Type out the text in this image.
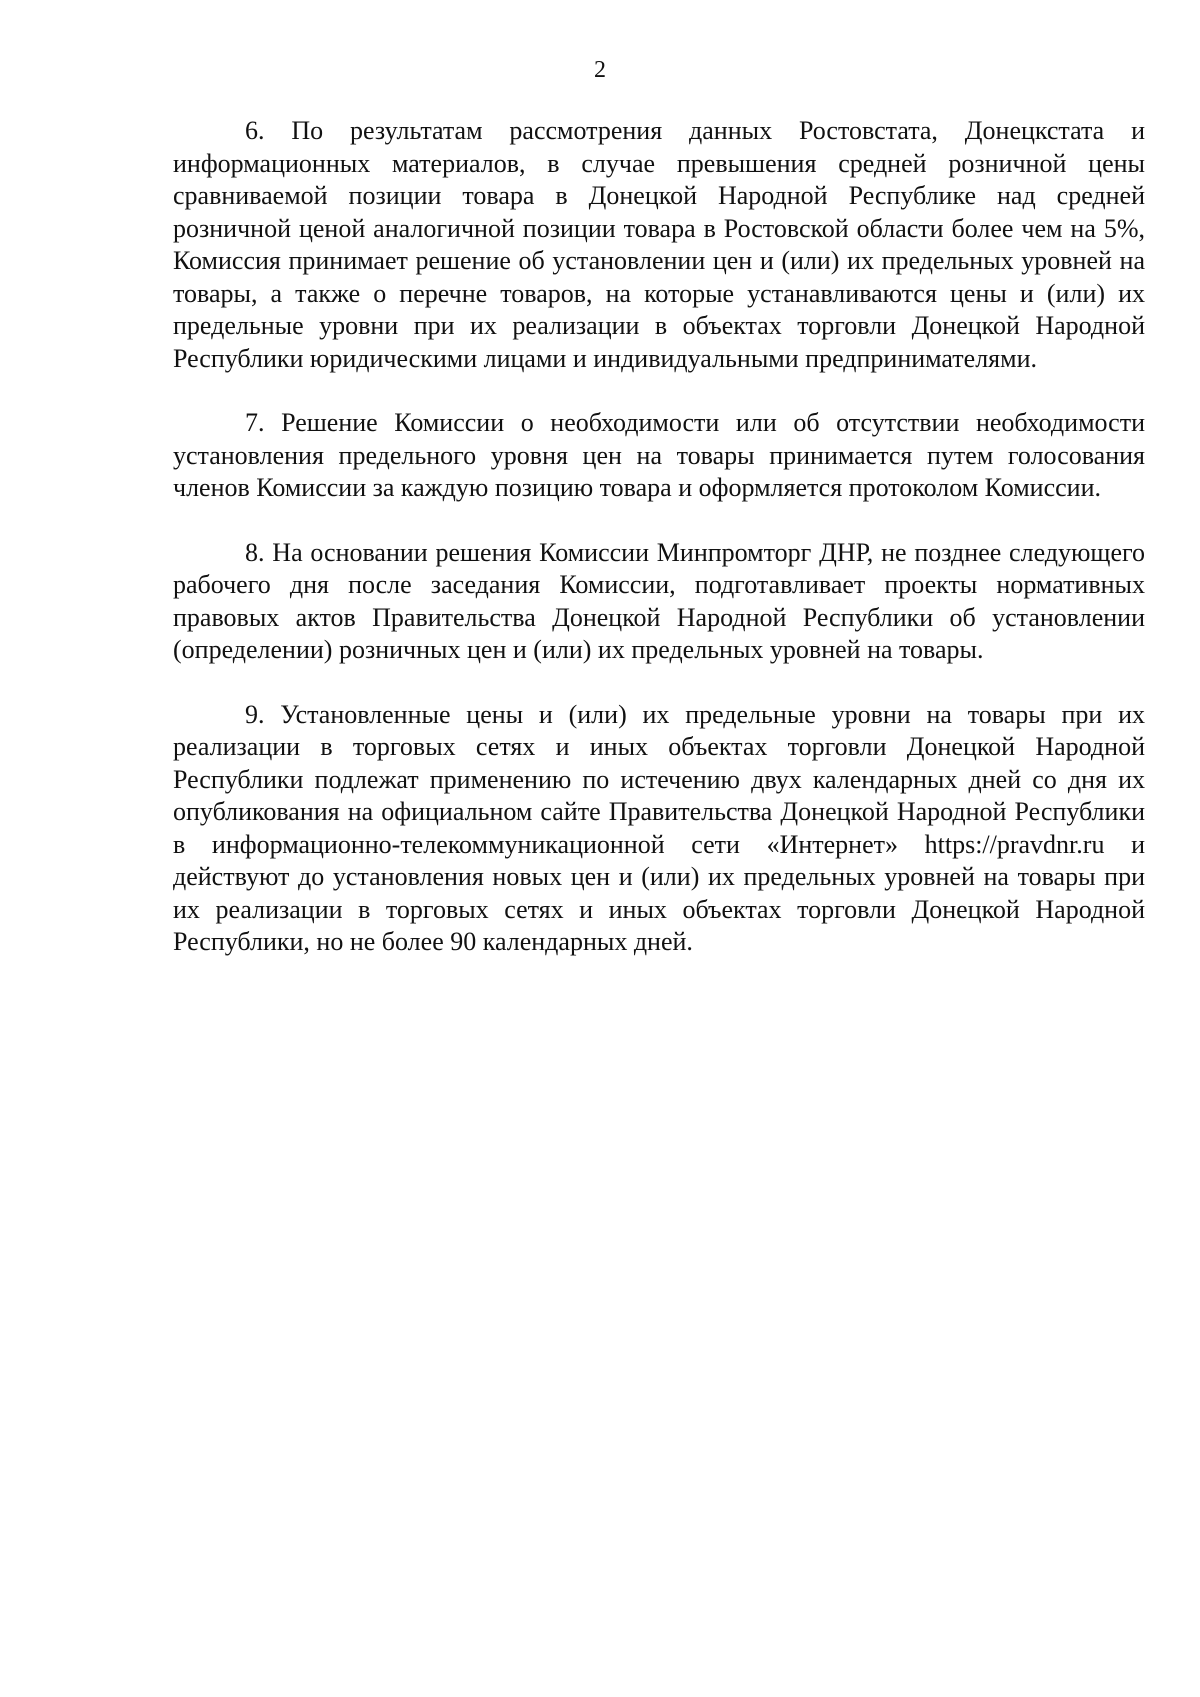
2

6. По результатам рассмотрения данных Ростовстата, Донецкстата и информационных материалов, в случае превышения средней розничной цены сравниваемой позиции товара в Донецкой Народной Республике над средней розничной ценой аналогичной позиции товара в Ростовской области более чем на 5%, Комиссия принимает решение об установлении цен и (или) их предельных уровней на товары, а также о перечне товаров, на которые устанавливаются цены и (или) их предельные уровни при их реализации в объектах торговли Донецкой Народной Республики юридическими лицами и индивидуальными предпринимателями.

7. Решение Комиссии о необходимости или об отсутствии необходимости установления предельного уровня цен на товары принимается путем голосования членов Комиссии за каждую позицию товара и оформляется протоколом Комиссии.

8. На основании решения Комиссии Минпромторг ДНР, не позднее следующего рабочего дня после заседания Комиссии, подготавливает проекты нормативных правовых актов Правительства Донецкой Народной Республики об установлении (определении) розничных цен и (или) их предельных уровней на товары.

9. Установленные цены и (или) их предельные уровни на товары при их реализации в торговых сетях и иных объектах торговли Донецкой Народной Республики подлежат применению по истечению двух календарных дней со дня их опубликования на официальном сайте Правительства Донецкой Народной Республики в информационно-телекоммуникационной сети «Интернет» https://pravdnr.ru и действуют до установления новых цен и (или) их предельных уровней на товары при их реализации в торговых сетях и иных объектах торговли Донецкой Народной Республики, но не более 90 календарных дней.
